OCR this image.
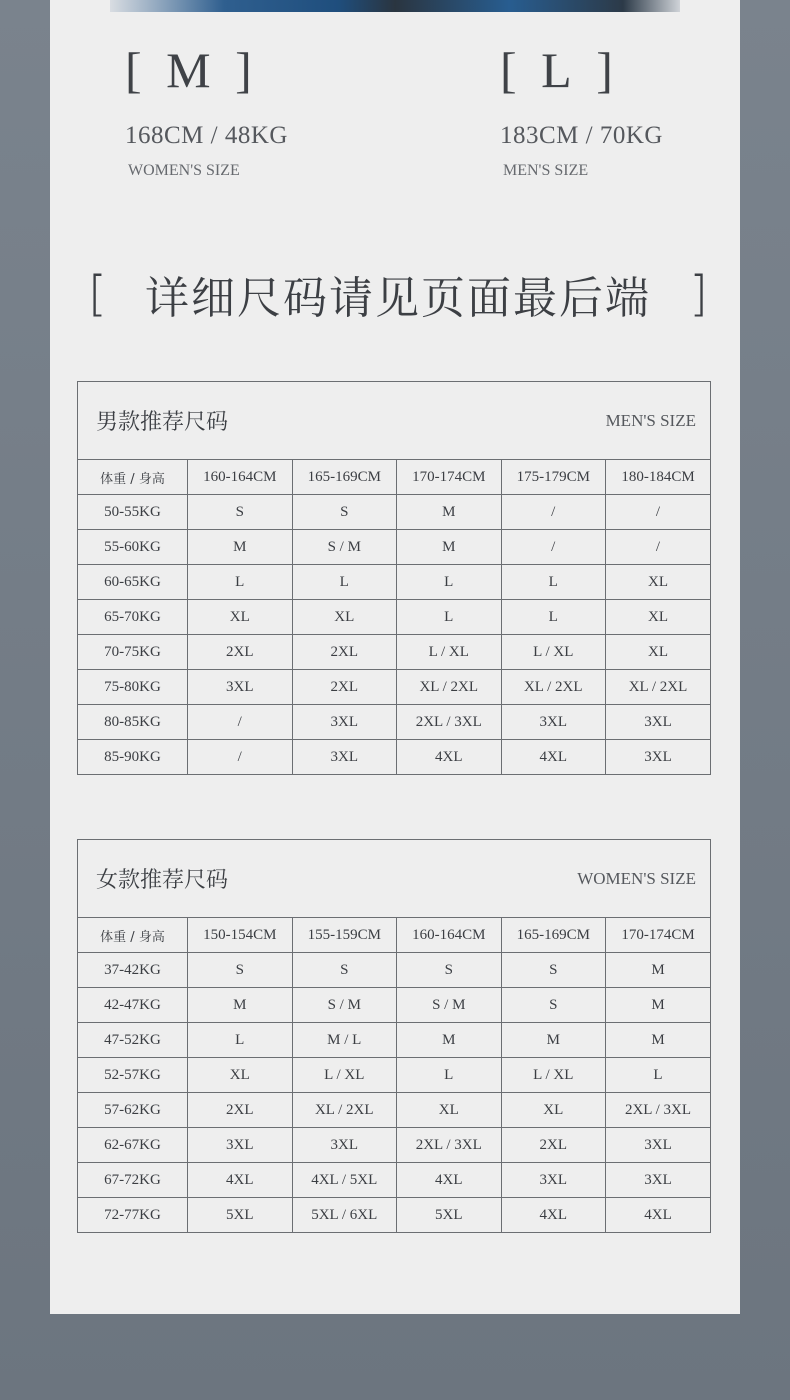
[ M ]
168CM / 48KG
WOMEN'S SIZE
[ L ]
183CM / 70KG
MEN'S SIZE
[ 详细尺码请见页面最后端 ]
男款推荐尺码	MEN'S SIZE
体重 / 身高	160-164CM	165-169CM	170-174CM	175-179CM	180-184CM
50-55KG	S	S	M	/	/
55-60KG	M	S / M	M	/	/
60-65KG	L	L	L	L	XL
65-70KG	XL	XL	L	L	XL
70-75KG	2XL	2XL	L / XL	L / XL	XL
75-80KG	3XL	2XL	XL / 2XL	XL / 2XL	XL / 2XL
80-85KG	/	3XL	2XL / 3XL	3XL	3XL
85-90KG	/	3XL	4XL	4XL	3XL
女款推荐尺码	WOMEN'S SIZE
体重 / 身高	150-154CM	155-159CM	160-164CM	165-169CM	170-174CM
37-42KG	S	S	S	S	M
42-47KG	M	S / M	S / M	S	M
47-52KG	L	M / L	M	M	M
52-57KG	XL	L / XL	L	L / XL	L
57-62KG	2XL	XL / 2XL	XL	XL	2XL / 3XL
62-67KG	3XL	3XL	2XL / 3XL	2XL	3XL
67-72KG	4XL	4XL / 5XL	4XL	3XL	3XL
72-77KG	5XL	5XL / 6XL	5XL	4XL	4XL
